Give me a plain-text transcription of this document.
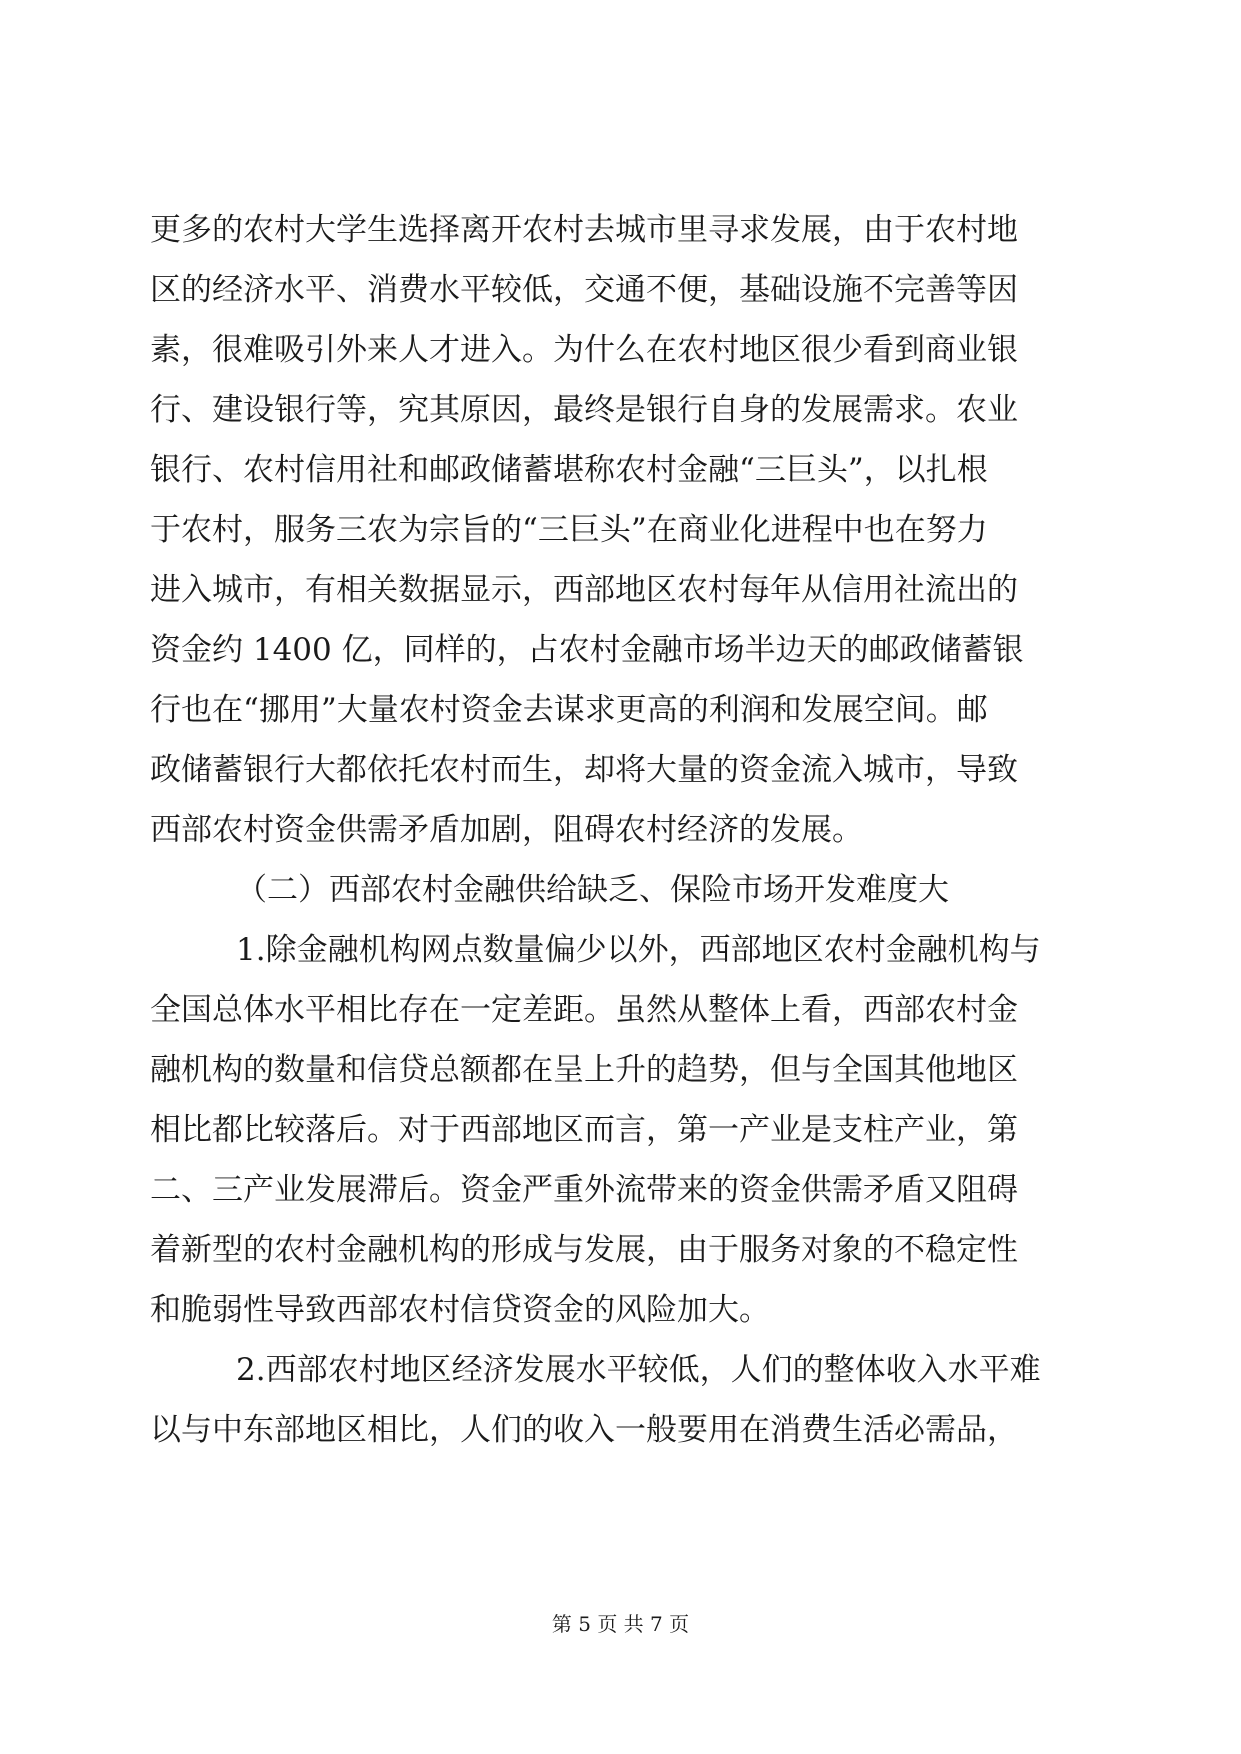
更多的农村大学生选择离开农村去城市里寻求发展，由于农村地
区的经济水平、消费水平较低，交通不便，基础设施不完善等因
素，很难吸引外来人才进入。为什么在农村地区很少看到商业银
行、建设银行等，究其原因，最终是银行自身的发展需求。农业
银行、农村信用社和邮政储蓄堪称农村金融“三巨头”，以扎根
于农村，服务三农为宗旨的“三巨头”在商业化进程中也在努力
进入城市，有相关数据显示，西部地区农村每年从信用社流出的
资金约 1400 亿，同样的，占农村金融市场半边天的邮政储蓄银
行也在“挪用”大量农村资金去谋求更高的利润和发展空间。邮
政储蓄银行大都依托农村而生，却将大量的资金流入城市，导致
西部农村资金供需矛盾加剧，阻碍农村经济的发展。
（二）西部农村金融供给缺乏、保险市场开发难度大
1.除金融机构网点数量偏少以外，西部地区农村金融机构与
全国总体水平相比存在一定差距。虽然从整体上看，西部农村金
融机构的数量和信贷总额都在呈上升的趋势，但与全国其他地区
相比都比较落后。对于西部地区而言，第一产业是支柱产业，第
二、三产业发展滞后。资金严重外流带来的资金供需矛盾又阻碍
着新型的农村金融机构的形成与发展，由于服务对象的不稳定性
和脆弱性导致西部农村信贷资金的风险加大。
2.西部农村地区经济发展水平较低，人们的整体收入水平难
以与中东部地区相比，人们的收入一般要用在消费生活必需品，
第 5 页 共 7 页
